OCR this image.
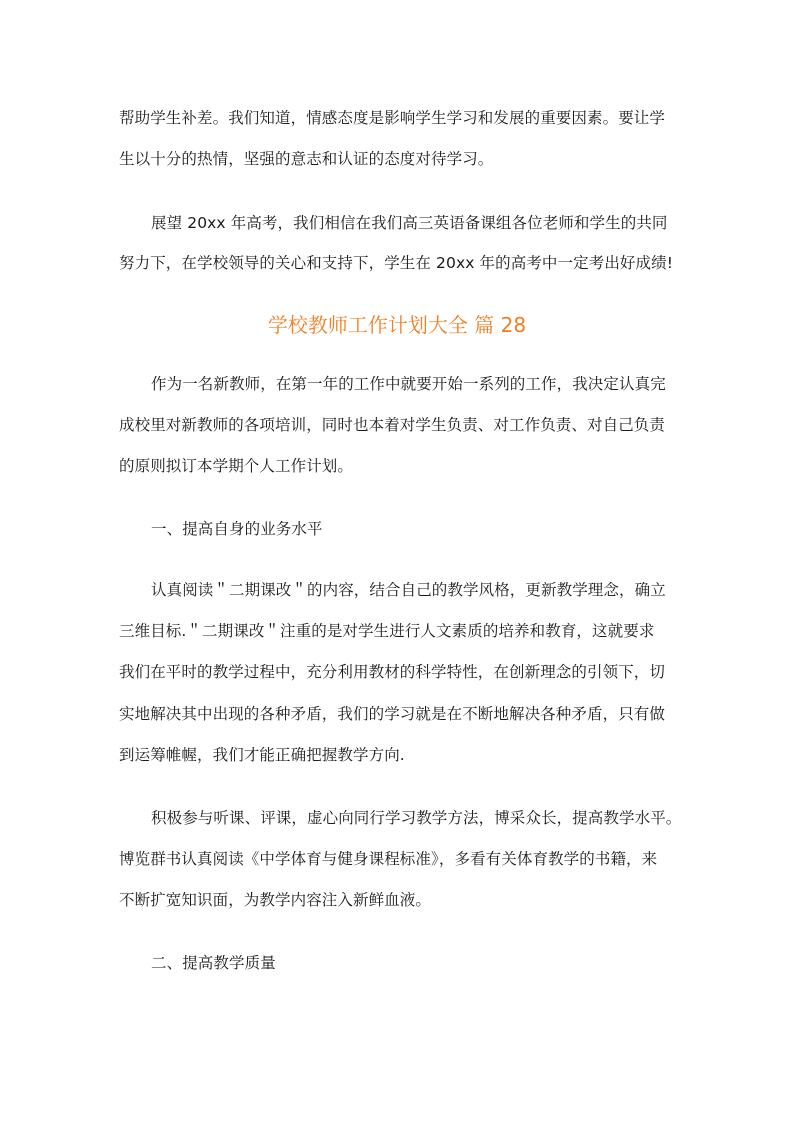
帮助学生补差。我们知道，情感态度是影响学生学习和发展的重要因素。要让学
生以十分的热情，坚强的意志和认证的态度对待学习。
展望 20xx 年高考，我们相信在我们高三英语备课组各位老师和学生的共同
努力下，在学校领导的关心和支持下，学生在 20xx 年的高考中一定考出好成绩!
学校教师工作计划大全 篇 28
作为一名新教师，在第一年的工作中就要开始一系列的工作，我决定认真完
成校里对新教师的各项培训，同时也本着对学生负责、对工作负责、对自己负责
的原则拟订本学期个人工作计划。
一、提高自身的业务水平
认真阅读＂二期课改＂的内容，结合自己的教学风格，更新教学理念，确立
三维目标.＂二期课改＂注重的是对学生进行人文素质的培养和教育，这就要求
我们在平时的教学过程中，充分利用教材的科学特性，在创新理念的引领下，切
实地解决其中出现的各种矛盾，我们的学习就是在不断地解决各种矛盾，只有做
到运筹帷幄，我们才能正确把握教学方向.
积极参与听课、评课，虚心向同行学习教学方法，博采众长，提高教学水平。
博览群书认真阅读《中学体育与健身课程标准》，多看有关体育教学的书籍，来
不断扩宽知识面，为教学内容注入新鲜血液。
二、提高教学质量
